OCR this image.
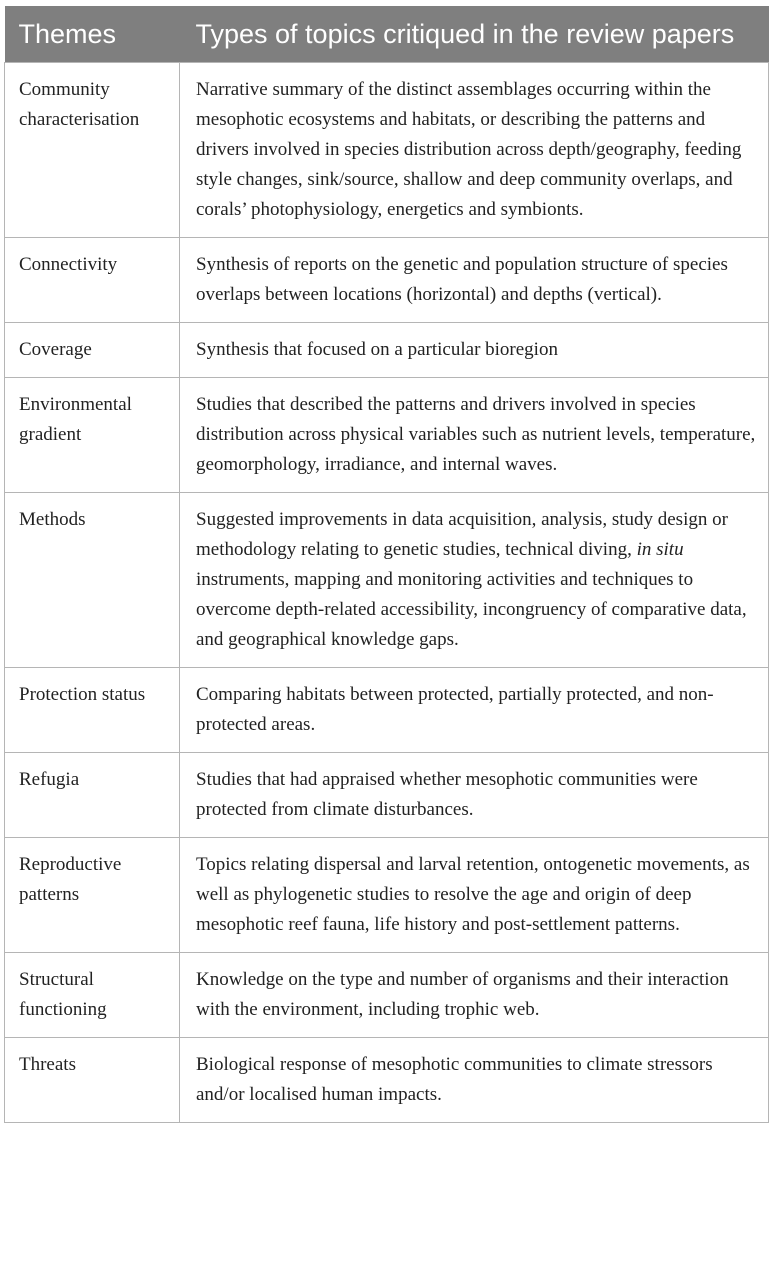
Themes	Types of topics critiqued in the review papers
Community characterisation	Narrative summary of the distinct assemblages occurring within the mesophotic ecosystems and habitats, or describing the patterns and drivers involved in species distribution across depth/geography, feeding style changes, sink/source, shallow and deep community overlaps, and corals’ photophysiology, energetics and symbionts.
Connectivity	Synthesis of reports on the genetic and population structure of species overlaps between locations (horizontal) and depths (vertical).
Coverage	Synthesis that focused on a particular bioregion
Environmental gradient	Studies that described the patterns and drivers involved in species distribution across physical variables such as nutrient levels, temperature, geomorphology, irradiance, and internal waves.
Methods	Suggested improvements in data acquisition, analysis, study design or methodology relating to genetic studies, technical diving, in situ instruments, mapping and monitoring activities and techniques to overcome depth-related accessibility, incongruency of comparative data, and geographical knowledge gaps.
Protection status	Comparing habitats between protected, partially protected, and non-protected areas.
Refugia	Studies that had appraised whether mesophotic communities were protected from climate disturbances.
Reproductive patterns	Topics relating dispersal and larval retention, ontogenetic movements, as well as phylogenetic studies to resolve the age and origin of deep mesophotic reef fauna, life history and post-settlement patterns.
Structural functioning	Knowledge on the type and number of organisms and their interaction with the environment, including trophic web.
Threats	Biological response of mesophotic communities to climate stressors and/or localised human impacts.
